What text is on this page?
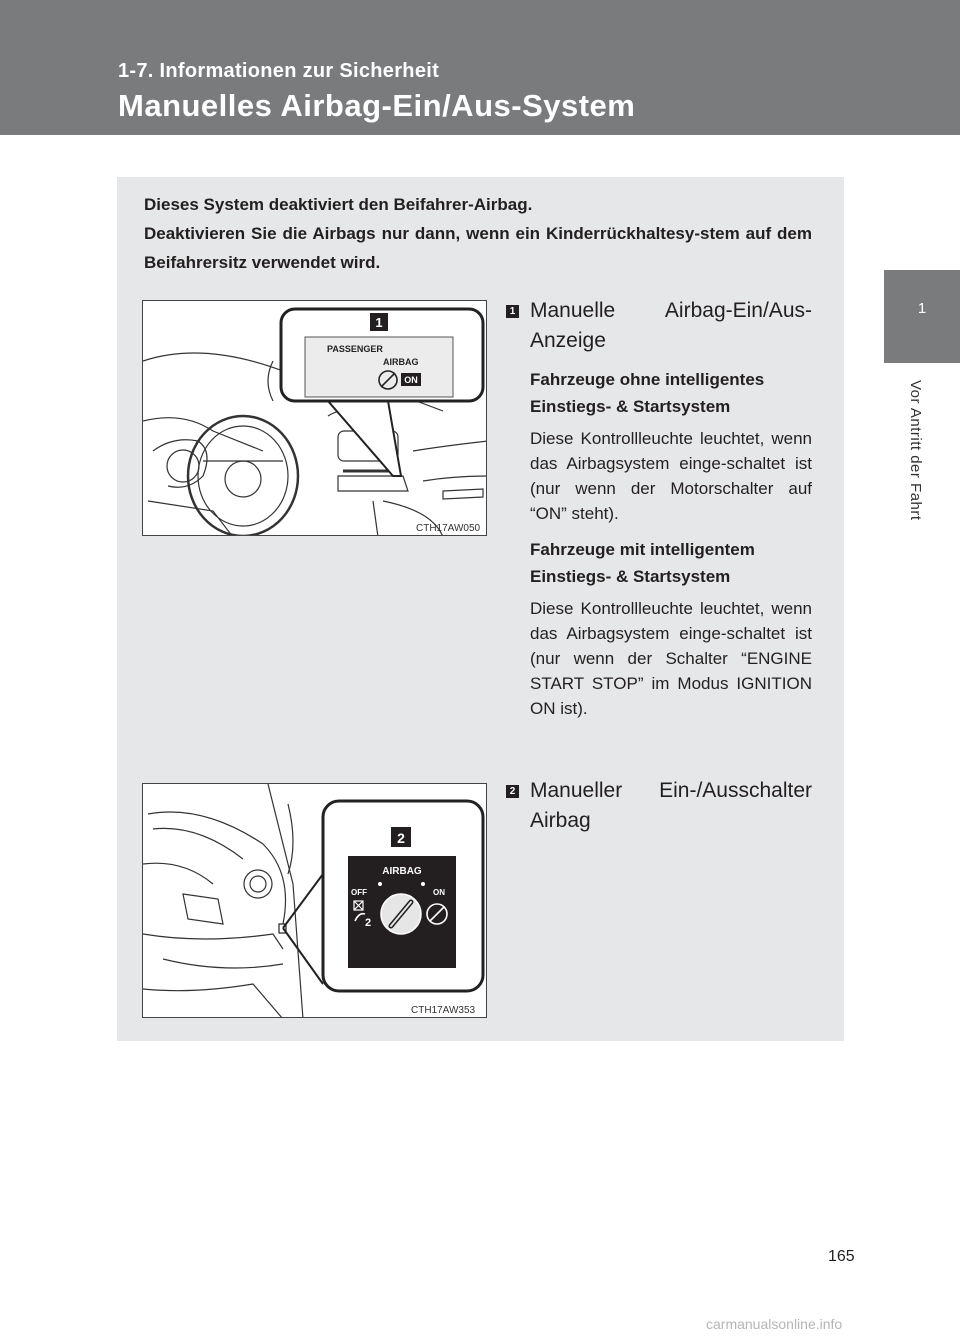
1-7. Informationen zur Sicherheit
Manuelles Airbag-Ein/Aus-System
1
Vor Antritt der Fahrt

Dieses System deaktiviert den Beifahrer-Airbag.

Deaktivieren Sie die Airbags nur dann, wenn ein Kinderrückhaltesy-stem auf dem Beifahrersitz verwendet wird.

1
PASSENGER
AIRBAG
ON
CTH17AW050
2
AIRBAG
OFF	ON
2
CTH17AW353
1 Manuelle Airbag-Ein/Aus-Anzeige
Fahrzeuge ohne intelligentes Einstiegs- & Startsystem
Diese Kontrollleuchte leuchtet, wenn das Airbagsystem einge-schaltet ist (nur wenn der Motorschalter auf “ON” steht).
Fahrzeuge mit intelligentem Einstiegs- & Startsystem
Diese Kontrollleuchte leuchtet, wenn das Airbagsystem einge-schaltet ist (nur wenn der Schalter “ENGINE START STOP” im Modus IGNITION ON ist).
2 Manueller Ein-/Ausschalter Airbag
165
carmanualsonline.info
